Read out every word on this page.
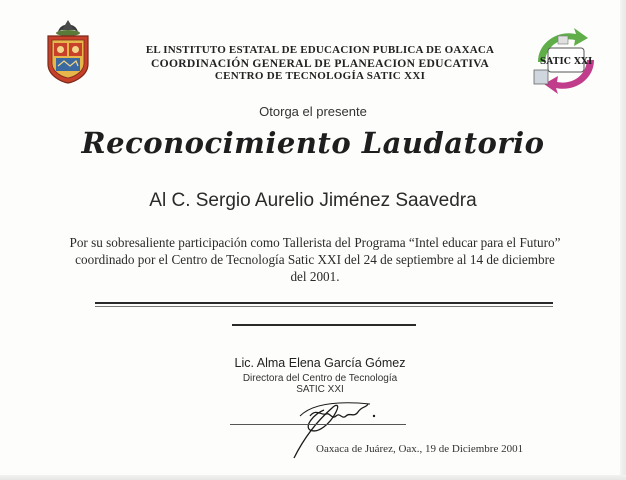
SATIC XXI
EL INSTITUTO ESTATAL DE EDUCACION PUBLICA DE OAXACA
COORDINACIÓN GENERAL DE PLANEACION EDUCATIVA
CENTRO DE TECNOLOGÍA SATIC XXI
Otorga el presente
Reconocimiento Laudatorio
Al C. Sergio Aurelio Jiménez Saavedra
Por su sobresaliente participación como Tallerista del Programa “Intel educar para el Futuro”
coordinado por el Centro de Tecnología Satic XXI del 24 de septiembre al 14 de diciembre
del 2001.
Lic. Alma Elena García Gómez
Directora del Centro de Tecnología
SATIC XXI
Oaxaca de Juárez, Oax., 19 de Diciembre 2001
